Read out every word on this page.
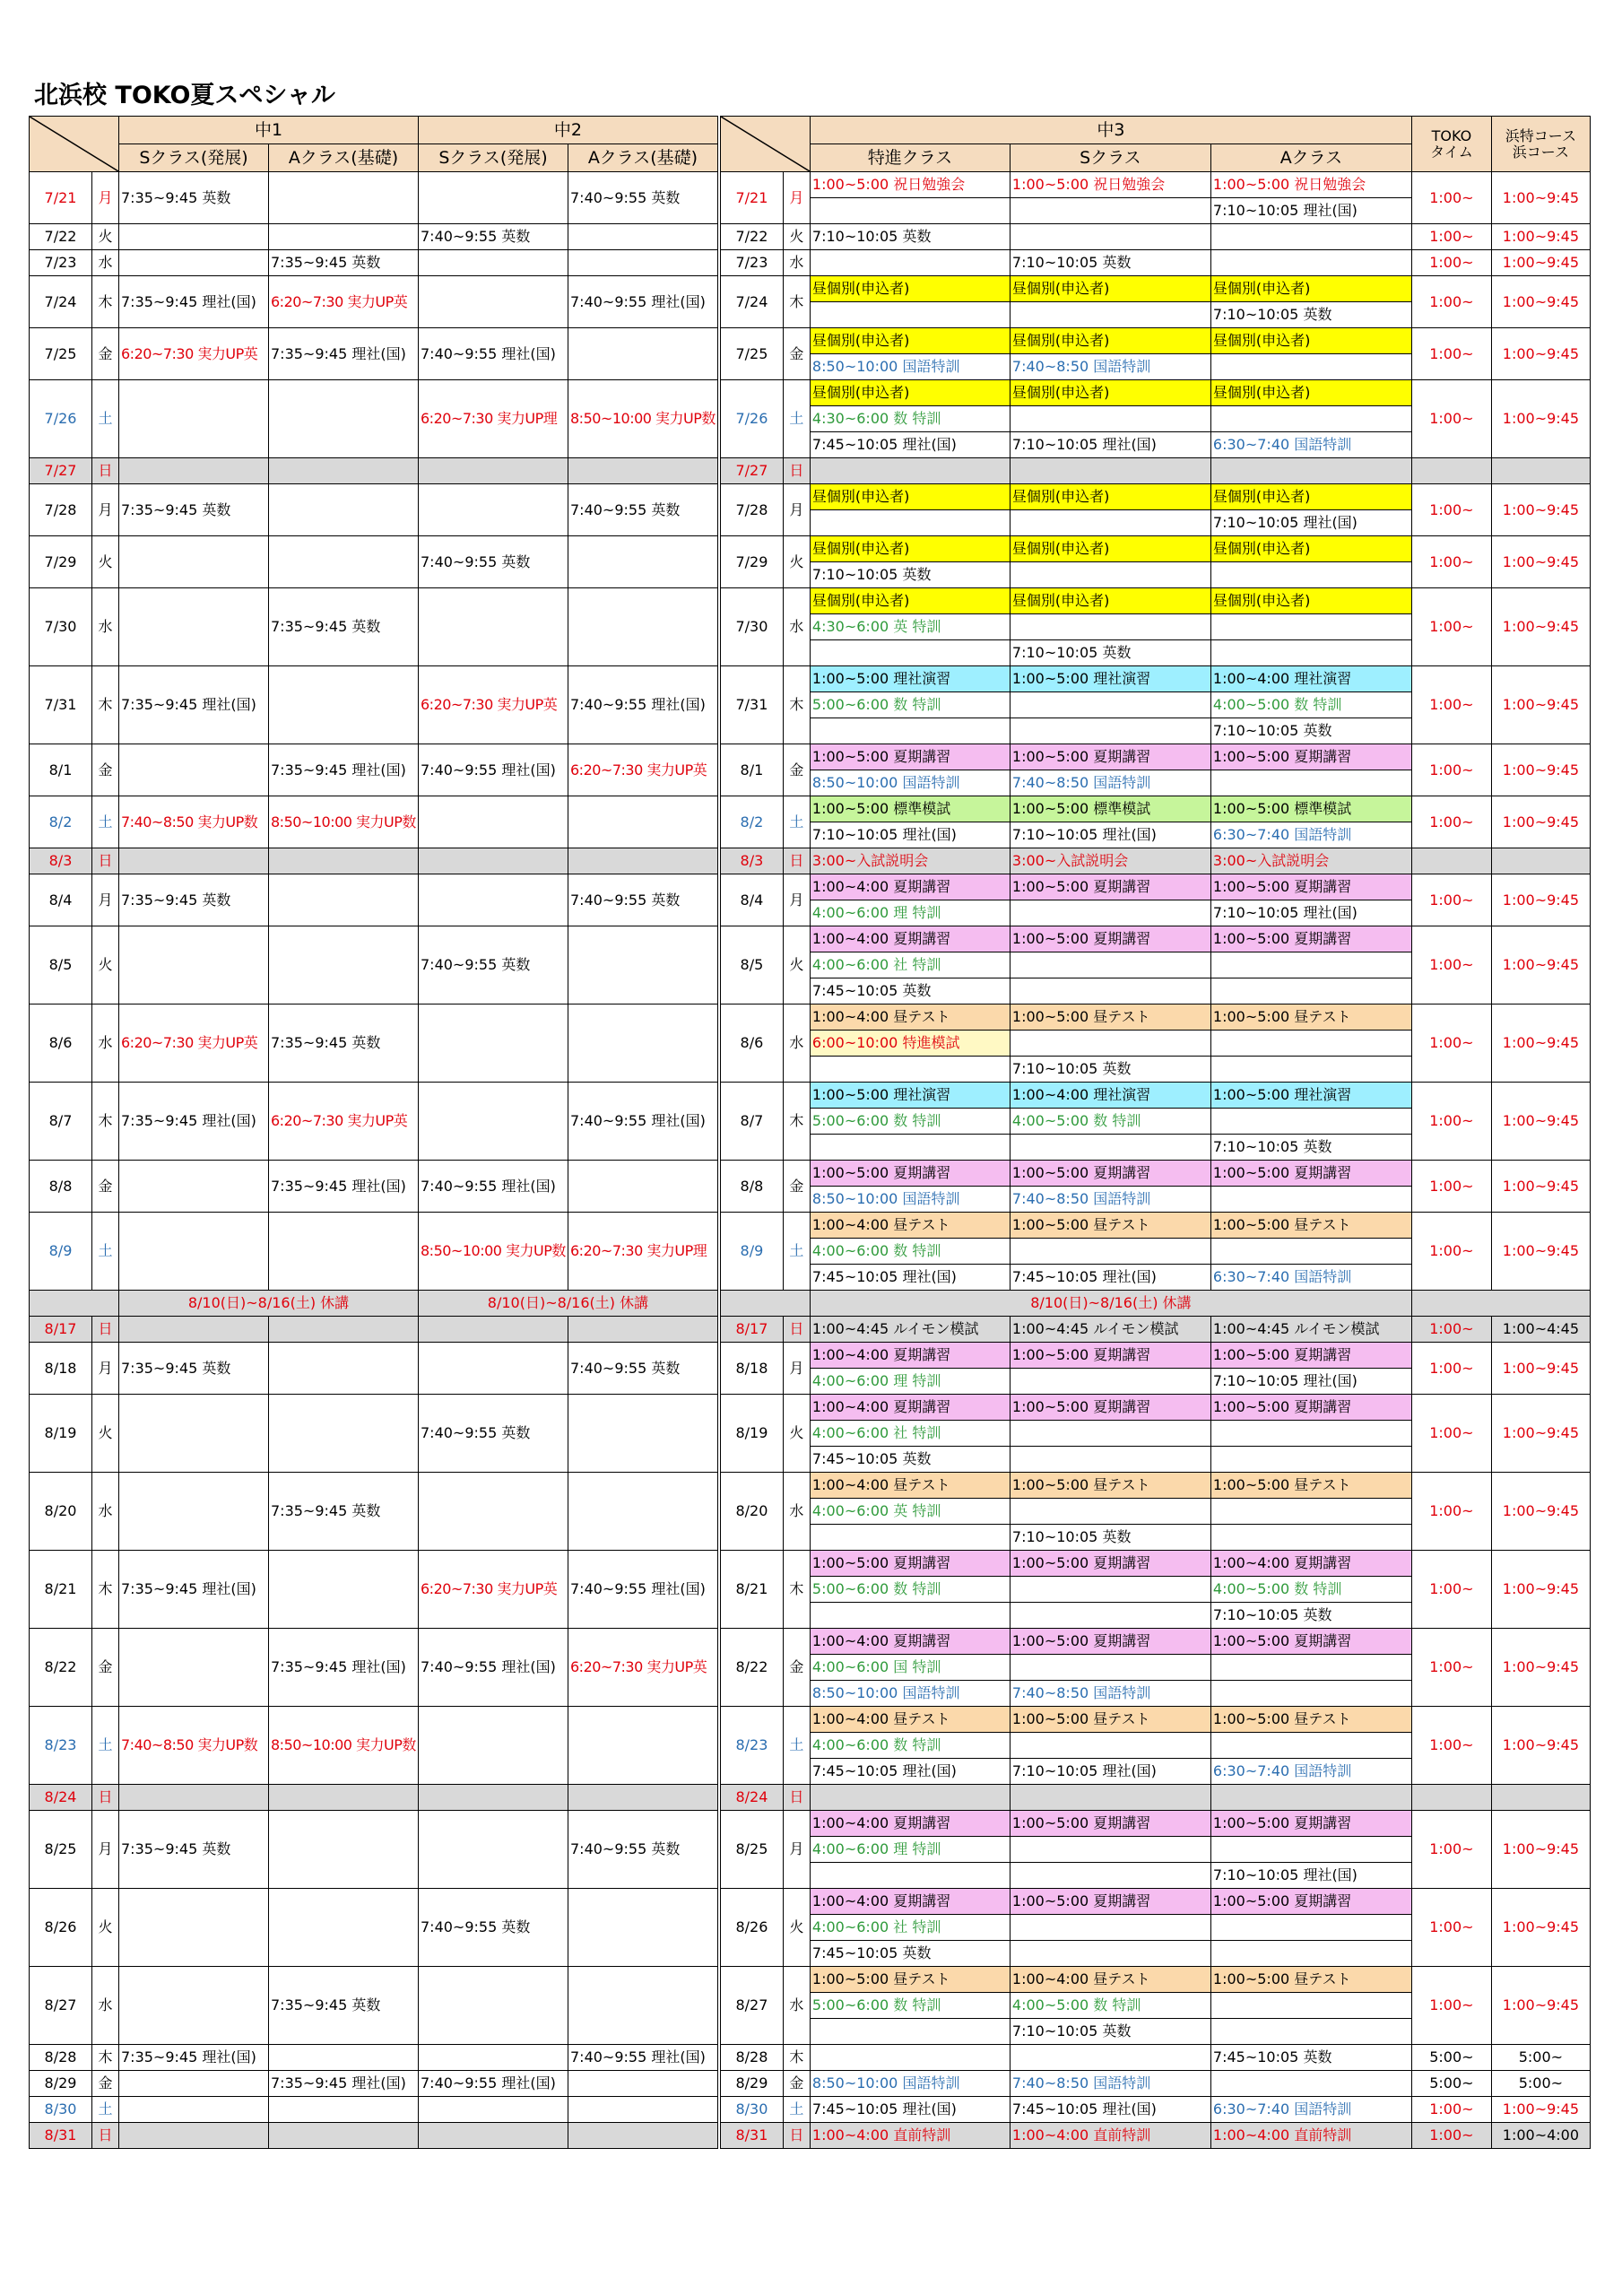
北浜校 TOKO夏スペシャル
		中1		中2					中3			TOKO
タイム	浜特コース
浜コース
		Sクラス(発展)	Aクラス(基礎)	Sクラス(発展)	Aクラス(基礎)				特進クラス	Sクラス	Aクラス		
7/21	月	7:35~9:45 英数			7:40~9:55 英数		7/21	月	1:00~5:00 祝日勉強会	1:00~5:00 祝日勉強会	1:00~5:00 祝日勉強会	1:00~	1:00~9:45
											7:10~10:05 理社(国)		
7/22	火			7:40~9:55 英数			7/22	火	7:10~10:05 英数			1:00~	1:00~9:45
7/23	水		7:35~9:45 英数				7/23	水		7:10~10:05 英数		1:00~	1:00~9:45
7/24	木	7:35~9:45 理社(国)	6:20~7:30 実力UP英		7:40~9:55 理社(国)		7/24	木	昼個別(申込者)	昼個別(申込者)	昼個別(申込者)	1:00~	1:00~9:45
											7:10~10:05 英数		
7/25	金	6:20~7:30 実力UP英	7:35~9:45 理社(国)	7:40~9:55 理社(国)			7/25	金	昼個別(申込者)	昼個別(申込者)	昼個別(申込者)	1:00~	1:00~9:45
									8:50~10:00 国語特訓	7:40~8:50 国語特訓			
7/26	土			6:20~7:30 実力UP理	8:50~10:00 実力UP数		7/26	土	昼個別(申込者)	昼個別(申込者)	昼個別(申込者)	1:00~	1:00~9:45
									4:30~6:00 数 特訓				
									7:45~10:05 理社(国)	7:10~10:05 理社(国)	6:30~7:40 国語特訓		
7/27	日						7/27	日					
7/28	月	7:35~9:45 英数			7:40~9:55 英数		7/28	月	昼個別(申込者)	昼個別(申込者)	昼個別(申込者)	1:00~	1:00~9:45
											7:10~10:05 理社(国)		
7/29	火			7:40~9:55 英数			7/29	火	昼個別(申込者)	昼個別(申込者)	昼個別(申込者)	1:00~	1:00~9:45
									7:10~10:05 英数				
7/30	水		7:35~9:45 英数				7/30	水	昼個別(申込者)	昼個別(申込者)	昼個別(申込者)	1:00~	1:00~9:45
									4:30~6:00 英 特訓				
										7:10~10:05 英数			
7/31	木	7:35~9:45 理社(国)		6:20~7:30 実力UP英	7:40~9:55 理社(国)		7/31	木	1:00~5:00 理社演習	1:00~5:00 理社演習	1:00~4:00 理社演習	1:00~	1:00~9:45
									5:00~6:00 数 特訓		4:00~5:00 数 特訓		
											7:10~10:05 英数		
8/1	金		7:35~9:45 理社(国)	7:40~9:55 理社(国)	6:20~7:30 実力UP英		8/1	金	1:00~5:00 夏期講習	1:00~5:00 夏期講習	1:00~5:00 夏期講習	1:00~	1:00~9:45
									8:50~10:00 国語特訓	7:40~8:50 国語特訓			
8/2	土	7:40~8:50 実力UP数	8:50~10:00 実力UP数				8/2	土	1:00~5:00 標準模試	1:00~5:00 標準模試	1:00~5:00 標準模試	1:00~	1:00~9:45
									7:10~10:05 理社(国)	7:10~10:05 理社(国)	6:30~7:40 国語特訓		
8/3	日						8/3	日	3:00~入試説明会	3:00~入試説明会	3:00~入試説明会		
8/4	月	7:35~9:45 英数			7:40~9:55 英数		8/4	月	1:00~4:00 夏期講習	1:00~5:00 夏期講習	1:00~5:00 夏期講習	1:00~	1:00~9:45
									4:00~6:00 理 特訓		7:10~10:05 理社(国)		
8/5	火			7:40~9:55 英数			8/5	火	1:00~4:00 夏期講習	1:00~5:00 夏期講習	1:00~5:00 夏期講習	1:00~	1:00~9:45
									4:00~6:00 社 特訓				
									7:45~10:05 英数				
8/6	水	6:20~7:30 実力UP英	7:35~9:45 英数				8/6	水	1:00~4:00 昼テスト	1:00~5:00 昼テスト	1:00~5:00 昼テスト	1:00~	1:00~9:45
									6:00~10:00 特進模試				
										7:10~10:05 英数			
8/7	木	7:35~9:45 理社(国)	6:20~7:30 実力UP英		7:40~9:55 理社(国)		8/7	木	1:00~5:00 理社演習	1:00~4:00 理社演習	1:00~5:00 理社演習	1:00~	1:00~9:45
									5:00~6:00 数 特訓	4:00~5:00 数 特訓			
											7:10~10:05 英数		
8/8	金		7:35~9:45 理社(国)	7:40~9:55 理社(国)			8/8	金	1:00~5:00 夏期講習	1:00~5:00 夏期講習	1:00~5:00 夏期講習	1:00~	1:00~9:45
									8:50~10:00 国語特訓	7:40~8:50 国語特訓			
8/9	土			8:50~10:00 実力UP数	6:20~7:30 実力UP理		8/9	土	1:00~4:00 昼テスト	1:00~5:00 昼テスト	1:00~5:00 昼テスト	1:00~	1:00~9:45
									4:00~6:00 数 特訓				
									7:45~10:05 理社(国)	7:45~10:05 理社(国)	6:30~7:40 国語特訓		
		8/10(日)~8/16(土) 休講		8/10(日)~8/16(土) 休講					8/10(日)~8/16(土) 休講				
8/17	日						8/17	日	1:00~4:45 ルイモン模試	1:00~4:45 ルイモン模試	1:00~4:45 ルイモン模試	1:00~	1:00~4:45
8/18	月	7:35~9:45 英数			7:40~9:55 英数		8/18	月	1:00~4:00 夏期講習	1:00~5:00 夏期講習	1:00~5:00 夏期講習	1:00~	1:00~9:45
									4:00~6:00 理 特訓		7:10~10:05 理社(国)		
8/19	火			7:40~9:55 英数			8/19	火	1:00~4:00 夏期講習	1:00~5:00 夏期講習	1:00~5:00 夏期講習	1:00~	1:00~9:45
									4:00~6:00 社 特訓				
									7:45~10:05 英数				
8/20	水		7:35~9:45 英数				8/20	水	1:00~4:00 昼テスト	1:00~5:00 昼テスト	1:00~5:00 昼テスト	1:00~	1:00~9:45
									4:00~6:00 英 特訓				
										7:10~10:05 英数			
8/21	木	7:35~9:45 理社(国)		6:20~7:30 実力UP英	7:40~9:55 理社(国)		8/21	木	1:00~5:00 夏期講習	1:00~5:00 夏期講習	1:00~4:00 夏期講習	1:00~	1:00~9:45
									5:00~6:00 数 特訓		4:00~5:00 数 特訓		
											7:10~10:05 英数		
8/22	金		7:35~9:45 理社(国)	7:40~9:55 理社(国)	6:20~7:30 実力UP英		8/22	金	1:00~4:00 夏期講習	1:00~5:00 夏期講習	1:00~5:00 夏期講習	1:00~	1:00~9:45
									4:00~6:00 国 特訓				
									8:50~10:00 国語特訓	7:40~8:50 国語特訓			
8/23	土	7:40~8:50 実力UP数	8:50~10:00 実力UP数				8/23	土	1:00~4:00 昼テスト	1:00~5:00 昼テスト	1:00~5:00 昼テスト	1:00~	1:00~9:45
									4:00~6:00 数 特訓				
									7:45~10:05 理社(国)	7:10~10:05 理社(国)	6:30~7:40 国語特訓		
8/24	日						8/24	日					
8/25	月	7:35~9:45 英数			7:40~9:55 英数		8/25	月	1:00~4:00 夏期講習	1:00~5:00 夏期講習	1:00~5:00 夏期講習	1:00~	1:00~9:45
									4:00~6:00 理 特訓				
											7:10~10:05 理社(国)		
8/26	火			7:40~9:55 英数			8/26	火	1:00~4:00 夏期講習	1:00~5:00 夏期講習	1:00~5:00 夏期講習	1:00~	1:00~9:45
									4:00~6:00 社 特訓				
									7:45~10:05 英数				
8/27	水		7:35~9:45 英数				8/27	水	1:00~5:00 昼テスト	1:00~4:00 昼テスト	1:00~5:00 昼テスト	1:00~	1:00~9:45
									5:00~6:00 数 特訓	4:00~5:00 数 特訓			
										7:10~10:05 英数			
8/28	木	7:35~9:45 理社(国)			7:40~9:55 理社(国)		8/28	木			7:45~10:05 英数	5:00~	5:00~
8/29	金		7:35~9:45 理社(国)	7:40~9:55 理社(国)			8/29	金	8:50~10:00 国語特訓	7:40~8:50 国語特訓		5:00~	5:00~
8/30	土						8/30	土	7:45~10:05 理社(国)	7:45~10:05 理社(国)	6:30~7:40 国語特訓	1:00~	1:00~9:45
8/31	日						8/31	日	1:00~4:00 直前特訓	1:00~4:00 直前特訓	1:00~4:00 直前特訓	1:00~	1:00~4:00
